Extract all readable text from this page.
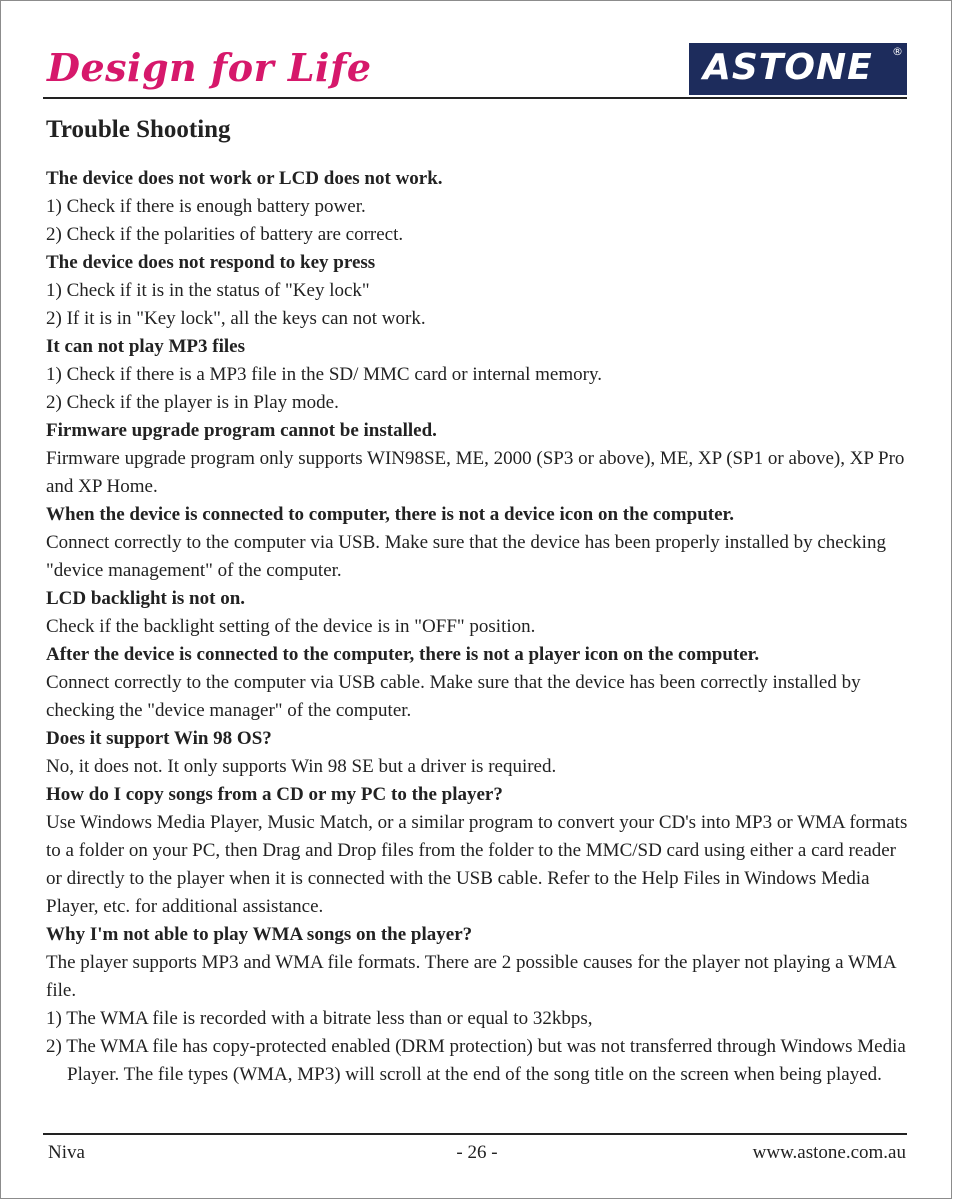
Design for Life	ASTONE ®
Trouble Shooting

The device does not work or LCD does not work.

1) Check if there is enough battery power.

2) Check if the polarities of battery are correct.

The device does not respond to key press

1) Check if it is in the status of "Key lock"

2) If it is in "Key lock", all the keys can not work.

It can not play MP3 files

1) Check if there is a MP3 file in the SD/ MMC card or internal memory.

2) Check if the player is in Play mode.

Firmware upgrade program cannot be installed.

Firmware upgrade program only supports WIN98SE, ME, 2000 (SP3 or above), ME, XP (SP1 or above), XP Pro and XP Home.

When the device is connected to computer, there is not a device icon on the computer.

Connect correctly to the computer via USB. Make sure that the device has been properly installed by checking "device management" of the computer.

LCD backlight is not on.

Check if the backlight setting of the device is in "OFF" position.

After the device is connected to the computer, there is not a player icon on the computer.

Connect correctly to the computer via USB cable. Make sure that the device has been correctly installed by checking the "device manager" of the computer.

Does it support Win 98 OS?

No, it does not. It only supports Win 98 SE but a driver is required.

How do I copy songs from a CD or my PC to the player?

Use Windows Media Player, Music Match, or a similar program to convert your CD's into MP3 or WMA formats to a folder on your PC, then Drag and Drop files from the folder to the MMC/SD card using either a card reader or directly to the player when it is connected with the USB cable. Refer to the Help Files in Windows Media Player, etc. for additional assistance.

Why I'm not able to play WMA songs on the player?

The player supports MP3 and WMA file formats. There are 2 possible causes for the player not playing a WMA file.

1) The WMA file is recorded with a bitrate less than or equal to 32kbps,

2) The WMA file has copy-protected enabled (DRM protection) but was not transferred through Windows Media Player. The file types (WMA, MP3) will scroll at the end of the song title on the screen when being played.

Niva	- 26 -	www.astone.com.au
